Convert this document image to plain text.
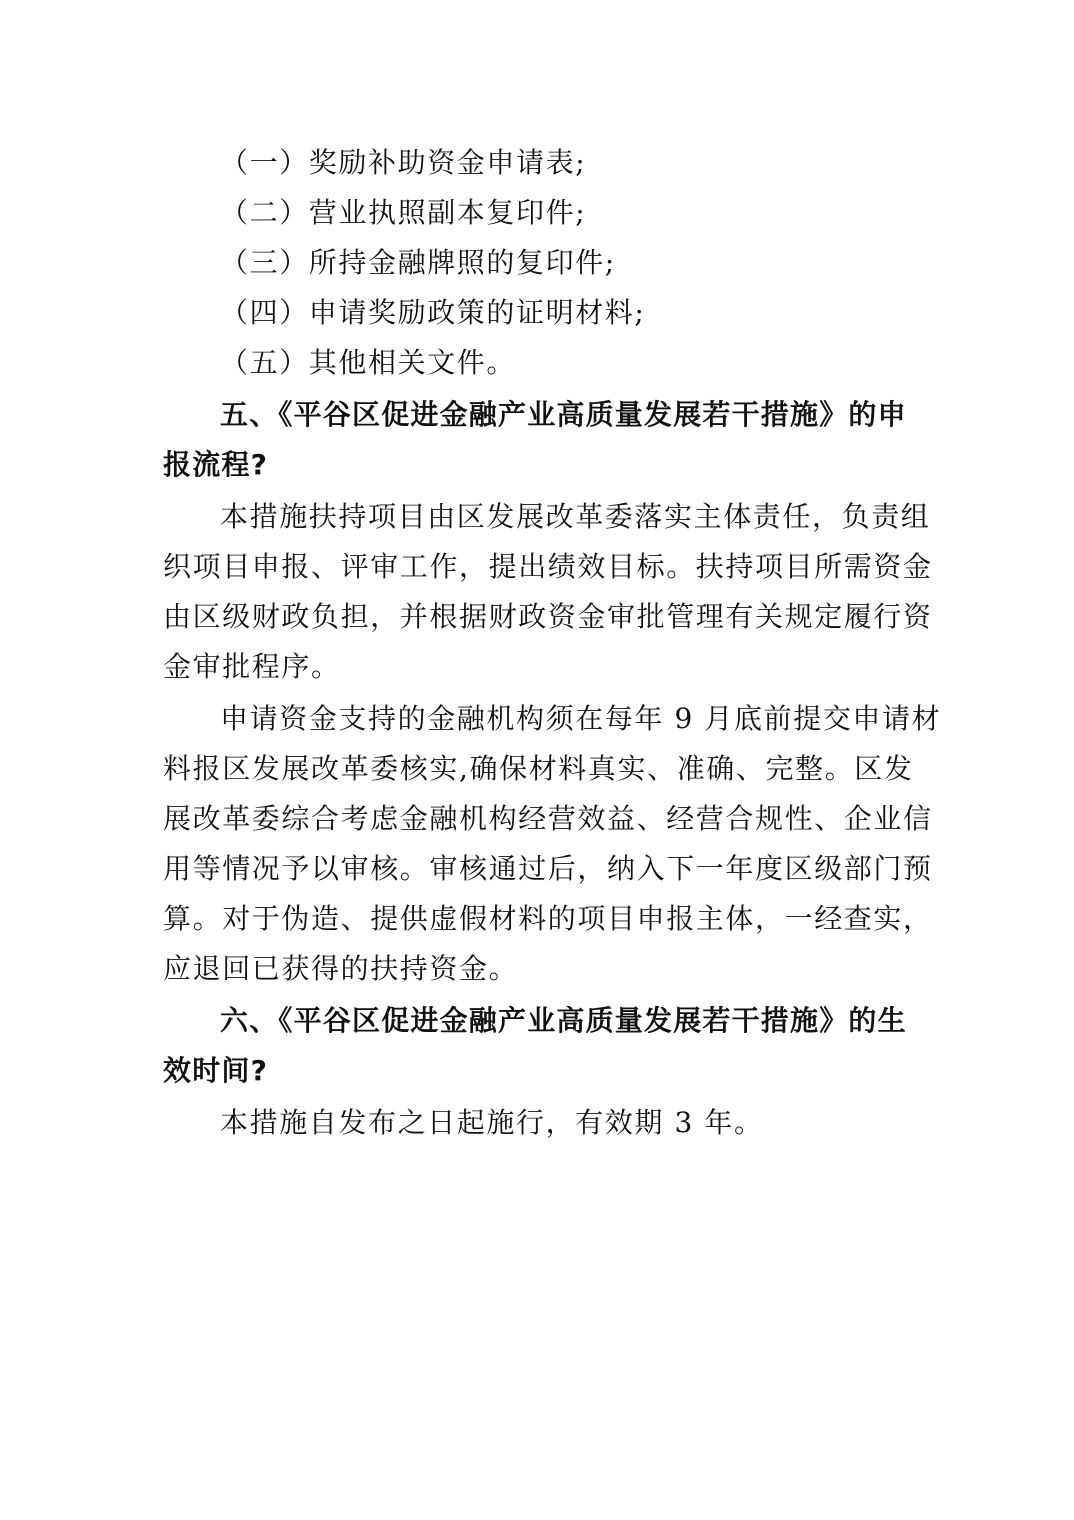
（一）奖励补助资金申请表;
（二）营业执照副本复印件;
（三）所持金融牌照的复印件;
（四）申请奖励政策的证明材料;
（五）其他相关文件。
五、《平谷区促进金融产业高质量发展若干措施》的申
报流程?
本措施扶持项目由区发展改革委落实主体责任，负责组
织项目申报、评审工作，提出绩效目标。扶持项目所需资金
由区级财政负担，并根据财政资金审批管理有关规定履行资
金审批程序。
申请资金支持的金融机构须在每年 9 月底前提交申请材
料报区发展改革委核实,确保材料真实、准确、完整。区发
展改革委综合考虑金融机构经营效益、经营合规性、企业信
用等情况予以审核。审核通过后，纳入下一年度区级部门预
算。对于伪造、提供虚假材料的项目申报主体，一经查实，
应退回已获得的扶持资金。
六、《平谷区促进金融产业高质量发展若干措施》的生
效时间?
本措施自发布之日起施行，有效期 3 年。
